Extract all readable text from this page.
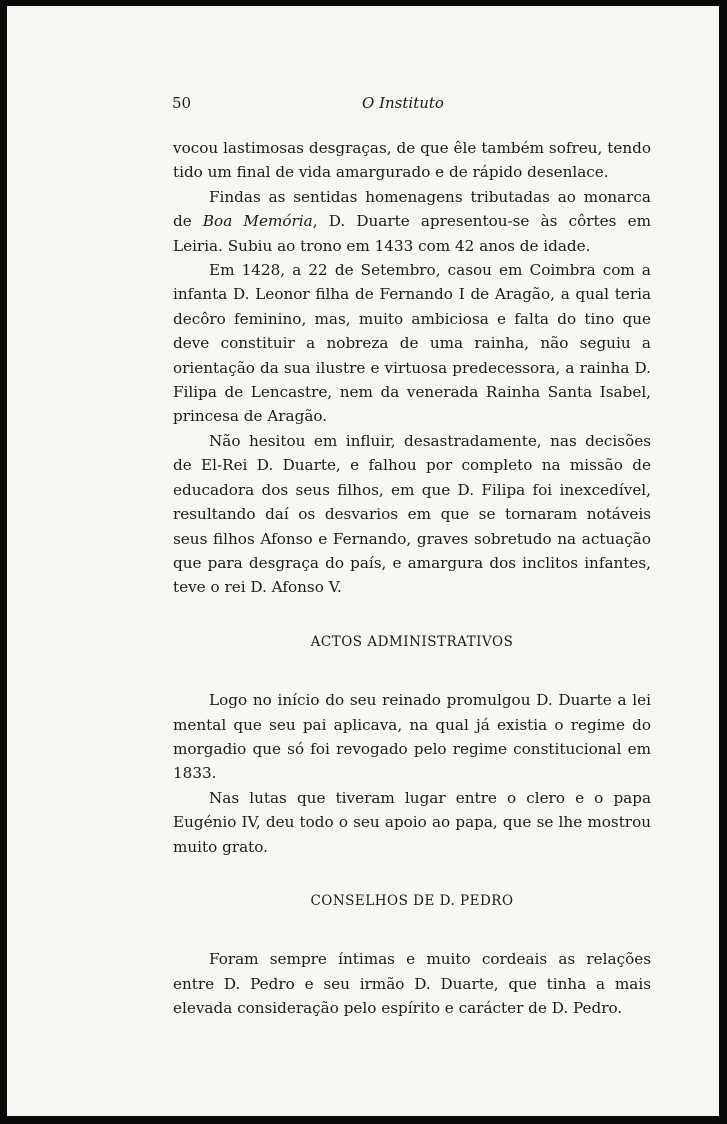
50	O Instituto

vocou lastimosas desgraças, de que êle também sofreu, tendo tido um final de vida amargurado e de rápido desenlace.

Findas as sentidas homenagens tributadas ao monarca de Boa Memória, D. Duarte apresentou-se às côrtes em Leiria. Subiu ao trono em 1433 com 42 anos de idade.

Em 1428, a 22 de Setembro, casou em Coimbra com a infanta D. Leonor filha de Fernando I de Aragão, a qual teria decôro feminino, mas, muito ambiciosa e falta do tino que deve constituir a nobreza de uma rainha, não seguiu a orientação da sua ilustre e virtuosa predecessora, a rainha D. Filipa de Lencastre, nem da venerada Rainha Santa Isabel, princesa de Aragão.

Não hesitou em influir, desastradamente, nas decisões de El-Rei D. Duarte, e falhou por completo na missão de educadora dos seus filhos, em que D. Filipa foi inexcedível, resultando daí os desvarios em que se tornaram notáveis seus filhos Afonso e Fernando, graves sobretudo na actuação que para desgraça do país, e amargura dos inclitos infantes, teve o rei D. Afonso V.

ACTOS ADMINISTRATIVOS

Logo no início do seu reinado promulgou D. Duarte a lei mental que seu pai aplicava, na qual já existia o regime do morgadio que só foi revogado pelo regime constitucional em 1833.

Nas lutas que tiveram lugar entre o clero e o papa Eugénio IV, deu todo o seu apoio ao papa, que se lhe mostrou muito grato.

CONSELHOS DE D. PEDRO

Foram sempre íntimas e muito cordeais as relações entre D. Pedro e seu irmão D. Duarte, que tinha a mais elevada consideração pelo espírito e carácter de D. Pedro.
